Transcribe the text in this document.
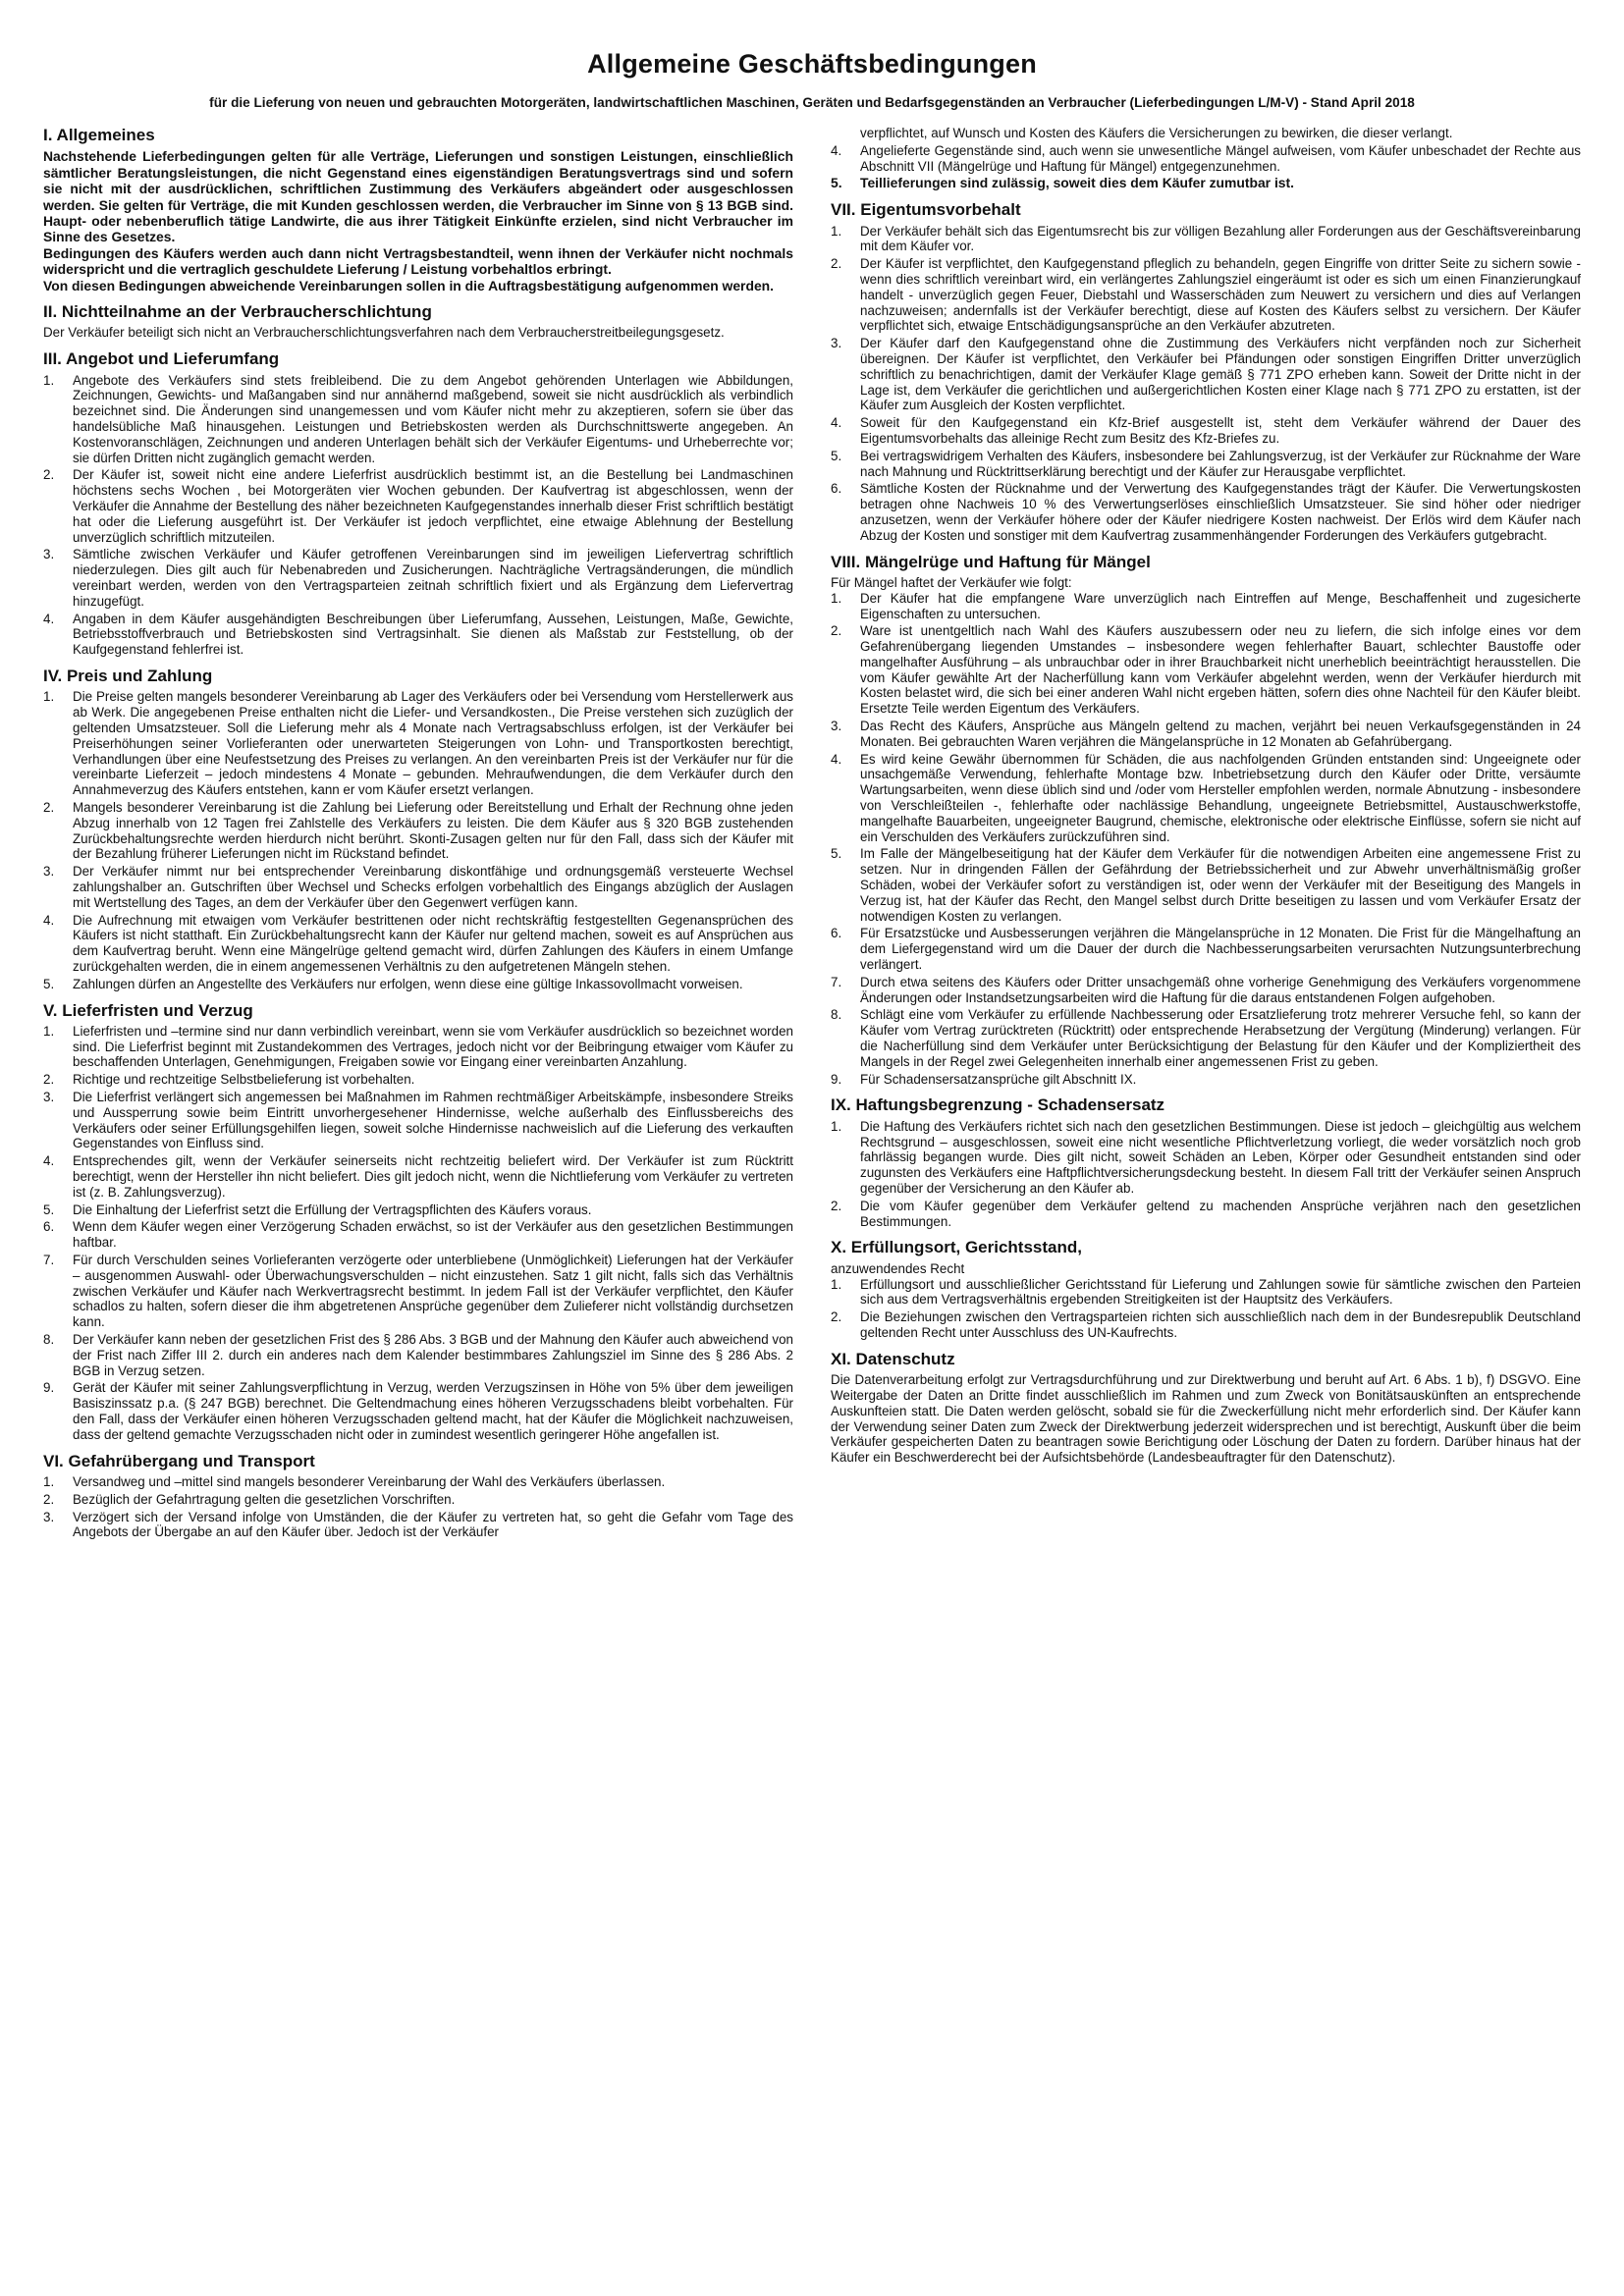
Allgemeine Geschäftsbedingungen

für die Lieferung von neuen und gebrauchten Motorgeräten, landwirtschaftlichen Maschinen, Geräten und Bedarfsgegenständen an Verbraucher (Lieferbedingungen L/M-V) - Stand April 2018

I. Allgemeines

Nachstehende Lieferbedingungen gelten für alle Verträge, Lieferungen und sonstigen Leistungen, einschließlich sämtlicher Beratungsleistungen, die nicht Gegenstand eines eigenständigen Beratungsvertrags sind und sofern sie nicht mit der ausdrücklichen, schriftlichen Zustimmung des Verkäufers abgeändert oder ausgeschlossen werden. Sie gelten für Verträge, die mit Kunden geschlossen werden, die Verbraucher im Sinne von § 13 BGB sind. Haupt- oder nebenberuflich tätige Landwirte, die aus ihrer Tätigkeit Einkünfte erzielen, sind nicht Verbraucher im Sinne des Gesetzes.

Bedingungen des Käufers werden auch dann nicht Vertragsbestandteil, wenn ihnen der Verkäufer nicht nochmals widerspricht und die vertraglich geschuldete Lieferung / Leistung vorbehaltlos erbringt.

Von diesen Bedingungen abweichende Vereinbarungen sollen in die Auftragsbestätigung aufgenommen werden.

II. Nichtteilnahme an der Verbraucherschlichtung

Der Verkäufer beteiligt sich nicht an Verbraucherschlichtungsverfahren nach dem Verbraucherstreitbeilegungsgesetz.

III. Angebot und Lieferumfang
1.	Angebote des Verkäufers sind stets freibleibend. Die zu dem Angebot gehörenden Unterlagen wie Abbildungen, Zeichnungen, Gewichts- und Maßangaben sind nur annähernd maßgebend, soweit sie nicht ausdrücklich als verbindlich bezeichnet sind. Die Änderungen sind unangemessen und vom Käufer nicht mehr zu akzeptieren, sofern sie über das handelsübliche Maß hinausgehen. Leistungen und Betriebskosten werden als Durchschnittswerte angegeben. An Kostenvoranschlägen, Zeichnungen und anderen Unterlagen behält sich der Verkäufer Eigentums- und Urheberrechte vor; sie dürfen Dritten nicht zugänglich gemacht werden.
2.	Der Käufer ist, soweit nicht eine andere Lieferfrist ausdrücklich bestimmt ist, an die Bestellung bei Landmaschinen höchstens sechs Wochen , bei Motorgeräten vier Wochen gebunden. Der Kaufvertrag ist abgeschlossen, wenn der Verkäufer die Annahme der Bestellung des näher bezeichneten Kaufgegenstandes innerhalb dieser Frist schriftlich bestätigt hat oder die Lieferung ausgeführt ist. Der Verkäufer ist jedoch verpflichtet, eine etwaige Ablehnung der Bestellung unverzüglich schriftlich mitzuteilen.
3.	Sämtliche zwischen Verkäufer und Käufer getroffenen Vereinbarungen sind im jeweiligen Liefervertrag schriftlich niederzulegen. Dies gilt auch für Nebenabreden und Zusicherungen. Nachträgliche Vertragsänderungen, die mündlich vereinbart werden, werden von den Vertragsparteien zeitnah schriftlich fixiert und als Ergänzung dem Liefervertrag hinzugefügt.
4.	Angaben in dem Käufer ausgehändigten Beschreibungen über Lieferumfang, Aussehen, Leistungen, Maße, Gewichte, Betriebsstoffverbrauch und Betriebskosten sind Vertragsinhalt. Sie dienen als Maßstab zur Feststellung, ob der Kaufgegenstand fehlerfrei ist.
IV. Preis und Zahlung
1.	Die Preise gelten mangels besonderer Vereinbarung ab Lager des Verkäufers oder bei Versendung vom Herstellerwerk aus ab Werk. Die angegebenen Preise enthalten nicht die Liefer- und Versandkosten., Die Preise verstehen sich zuzüglich der geltenden Umsatzsteuer. Soll die Lieferung mehr als 4 Monate nach Vertragsabschluss erfolgen, ist der Verkäufer bei Preiserhöhungen seiner Vorlieferanten oder unerwarteten Steigerungen von Lohn- und Transportkosten berechtigt, Verhandlungen über eine Neufestsetzung des Preises zu verlangen. An den vereinbarten Preis ist der Verkäufer nur für die vereinbarte Lieferzeit – jedoch mindestens 4 Monate – gebunden. Mehraufwendungen, die dem Verkäufer durch den Annahmeverzug des Käufers entstehen, kann er vom Käufer ersetzt verlangen.
2.	Mangels besonderer Vereinbarung ist die Zahlung bei Lieferung oder Bereitstellung und Erhalt der Rechnung ohne jeden Abzug innerhalb von 12 Tagen frei Zahlstelle des Verkäufers zu leisten. Die dem Käufer aus § 320 BGB zustehenden Zurückbehaltungsrechte werden hierdurch nicht berührt. Skonti-Zusagen gelten nur für den Fall, dass sich der Käufer mit der Bezahlung früherer Lieferungen nicht im Rückstand befindet.
3.	Der Verkäufer nimmt nur bei entsprechender Vereinbarung diskontfähige und ordnungsgemäß versteuerte Wechsel zahlungshalber an. Gutschriften über Wechsel und Schecks erfolgen vorbehaltlich des Eingangs abzüglich der Auslagen mit Wertstellung des Tages, an dem der Verkäufer über den Gegenwert verfügen kann.
4.	Die Aufrechnung mit etwaigen vom Verkäufer bestrittenen oder nicht rechtskräftig festgestellten Gegenansprüchen des Käufers ist nicht statthaft. Ein Zurückbehaltungsrecht kann der Käufer nur geltend machen, soweit es auf Ansprüchen aus dem Kaufvertrag beruht. Wenn eine Mängelrüge geltend gemacht wird, dürfen Zahlungen des Käufers in einem Umfange zurückgehalten werden, die in einem angemessenen Verhältnis zu den aufgetretenen Mängeln stehen.
5.	Zahlungen dürfen an Angestellte des Verkäufers nur erfolgen, wenn diese eine gültige Inkassovollmacht vorweisen.
V. Lieferfristen und Verzug
1.	Lieferfristen und –termine sind nur dann verbindlich vereinbart, wenn sie vom Verkäufer ausdrücklich so bezeichnet worden sind. Die Lieferfrist beginnt mit Zustandekommen des Vertrages, jedoch nicht vor der Beibringung etwaiger vom Käufer zu beschaffenden Unterlagen, Genehmigungen, Freigaben sowie vor Eingang einer vereinbarten Anzahlung.
2.	Richtige und rechtzeitige Selbstbelieferung ist vorbehalten.
3.	Die Lieferfrist verlängert sich angemessen bei Maßnahmen im Rahmen rechtmäßiger Arbeitskämpfe, insbesondere Streiks und Aussperrung sowie beim Eintritt unvorhergesehener Hindernisse, welche außerhalb des Einflussbereichs des Verkäufers oder seiner Erfüllungsgehilfen liegen, soweit solche Hindernisse nachweislich auf die Lieferung des verkauften Gegenstandes von Einfluss sind.
4.	Entsprechendes gilt, wenn der Verkäufer seinerseits nicht rechtzeitig beliefert wird. Der Verkäufer ist zum Rücktritt berechtigt, wenn der Hersteller ihn nicht beliefert. Dies gilt jedoch nicht, wenn die Nichtlieferung vom Verkäufer zu vertreten ist (z. B. Zahlungsverzug).
5.	Die Einhaltung der Lieferfrist setzt die Erfüllung der Vertragspflichten des Käufers voraus.
6.	Wenn dem Käufer wegen einer Verzögerung Schaden erwächst, so ist der Verkäufer aus den gesetzlichen Bestimmungen haftbar.
7.	Für durch Verschulden seines Vorlieferanten verzögerte oder unterbliebene (Unmöglichkeit) Lieferungen hat der Verkäufer – ausgenommen Auswahl- oder Überwachungsverschulden – nicht einzustehen. Satz 1 gilt nicht, falls sich das Verhältnis zwischen Verkäufer und Käufer nach Werkvertragsrecht bestimmt. In jedem Fall ist der Verkäufer verpflichtet, den Käufer schadlos zu halten, sofern dieser die ihm abgetretenen Ansprüche gegenüber dem Zulieferer nicht vollständig durchsetzen kann.
8.	Der Verkäufer kann neben der gesetzlichen Frist des § 286 Abs. 3 BGB und der Mahnung den Käufer auch abweichend von der Frist nach Ziffer III 2. durch ein anderes nach dem Kalender bestimmbares Zahlungsziel im Sinne des § 286 Abs. 2 BGB in Verzug setzen.
9.	Gerät der Käufer mit seiner Zahlungsverpflichtung in Verzug, werden Verzugszinsen in Höhe von 5% über dem jeweiligen Basiszinssatz p.a. (§ 247 BGB) berechnet. Die Geltendmachung eines höheren Verzugsschadens bleibt vorbehalten. Für den Fall, dass der Verkäufer einen höheren Verzugsschaden geltend macht, hat der Käufer die Möglichkeit nachzuweisen, dass der geltend gemachte Verzugsschaden nicht oder in zumindest wesentlich geringerer Höhe angefallen ist.
VI. Gefahrübergang und Transport
1.	Versandweg und –mittel sind mangels besonderer Vereinbarung der Wahl des Verkäufers überlassen.
2.	Bezüglich der Gefahrtragung gelten die gesetzlichen Vorschriften.
3.	Verzögert sich der Versand infolge von Umständen, die der Käufer zu vertreten hat, so geht die Gefahr vom Tage des Angebots der Übergabe an auf den Käufer über. Jedoch ist der Verkäufer
verpflichtet, auf Wunsch und Kosten des Käufers die Versicherungen zu bewirken, die dieser verlangt.
4.	Angelieferte Gegenstände sind, auch wenn sie unwesentliche Mängel aufweisen, vom Käufer unbeschadet der Rechte aus Abschnitt VII (Mängelrüge und Haftung für Mängel) entgegenzunehmen.
5.	Teillieferungen sind zulässig, soweit dies dem Käufer zumutbar ist.
VII. Eigentumsvorbehalt
1.	Der Verkäufer behält sich das Eigentumsrecht bis zur völligen Bezahlung aller Forderungen aus der Geschäftsvereinbarung mit dem Käufer vor.
2.	Der Käufer ist verpflichtet, den Kaufgegenstand pfleglich zu behandeln, gegen Eingriffe von dritter Seite zu sichern sowie - wenn dies schriftlich vereinbart wird, ein verlängertes Zahlungsziel eingeräumt ist oder es sich um einen Finanzierungkauf handelt - unverzüglich gegen Feuer, Diebstahl und Wasserschäden zum Neuwert zu versichern und dies auf Verlangen nachzuweisen; andernfalls ist der Verkäufer berechtigt, diese auf Kosten des Käufers selbst zu versichern. Der Käufer verpflichtet sich, etwaige Entschädigungsansprüche an den Verkäufer abzutreten.
3.	Der Käufer darf den Kaufgegenstand ohne die Zustimmung des Verkäufers nicht verpfänden noch zur Sicherheit übereignen. Der Käufer ist verpflichtet, den Verkäufer bei Pfändungen oder sonstigen Eingriffen Dritter unverzüglich schriftlich zu benachrichtigen, damit der Verkäufer Klage gemäß § 771 ZPO erheben kann. Soweit der Dritte nicht in der Lage ist, dem Verkäufer die gerichtlichen und außergerichtlichen Kosten einer Klage nach § 771 ZPO zu erstatten, ist der Käufer zum Ausgleich der Kosten verpflichtet.
4.	Soweit für den Kaufgegenstand ein Kfz-Brief ausgestellt ist, steht dem Verkäufer während der Dauer des Eigentumsvorbehalts das alleinige Recht zum Besitz des Kfz-Briefes zu.
5.	Bei vertragswidrigem Verhalten des Käufers, insbesondere bei Zahlungsverzug, ist der Verkäufer zur Rücknahme der Ware nach Mahnung und Rücktrittserklärung berechtigt und der Käufer zur Herausgabe verpflichtet.
6.	Sämtliche Kosten der Rücknahme und der Verwertung des Kaufgegenstandes trägt der Käufer. Die Verwertungskosten betragen ohne Nachweis 10 % des Verwertungserlöses einschließlich Umsatzsteuer. Sie sind höher oder niedriger anzusetzen, wenn der Verkäufer höhere oder der Käufer niedrigere Kosten nachweist. Der Erlös wird dem Käufer nach Abzug der Kosten und sonstiger mit dem Kaufvertrag zusammenhängender Forderungen des Verkäufers gutgebracht.
VIII. Mängelrüge und Haftung für Mängel

Für Mängel haftet der Verkäufer wie folgt:

1.	Der Käufer hat die empfangene Ware unverzüglich nach Eintreffen auf Menge, Beschaffenheit und zugesicherte Eigenschaften zu untersuchen.
2.	Ware ist unentgeltlich nach Wahl des Käufers auszubessern oder neu zu liefern, die sich infolge eines vor dem Gefahrenübergang liegenden Umstandes – insbesondere wegen fehlerhafter Bauart, schlechter Baustoffe oder mangelhafter Ausführung – als unbrauchbar oder in ihrer Brauchbarkeit nicht unerheblich beeinträchtigt herausstellen. Die vom Käufer gewählte Art der Nacherfüllung kann vom Verkäufer abgelehnt werden, wenn der Verkäufer hierdurch mit Kosten belastet wird, die sich bei einer anderen Wahl nicht ergeben hätten, sofern dies ohne Nachteil für den Käufer bleibt. Ersetzte Teile werden Eigentum des Verkäufers.
3.	Das Recht des Käufers, Ansprüche aus Mängeln geltend zu machen, verjährt bei neuen Verkaufsgegenständen in 24 Monaten. Bei gebrauchten Waren verjähren die Mängelansprüche in 12 Monaten ab Gefahrübergang.
4.	Es wird keine Gewähr übernommen für Schäden, die aus nachfolgenden Gründen entstanden sind: Ungeeignete oder unsachgemäße Verwendung, fehlerhafte Montage bzw. Inbetriebsetzung durch den Käufer oder Dritte, versäumte Wartungsarbeiten, wenn diese üblich sind und /oder vom Hersteller empfohlen werden, normale Abnutzung - insbesondere von Verschleißteilen -, fehlerhafte oder nachlässige Behandlung, ungeeignete Betriebsmittel, Austauschwerkstoffe, mangelhafte Bauarbeiten, ungeeigneter Baugrund, chemische, elektronische oder elektrische Einflüsse, sofern sie nicht auf ein Verschulden des Verkäufers zurückzuführen sind.
5.	Im Falle der Mängelbeseitigung hat der Käufer dem Verkäufer für die notwendigen Arbeiten eine angemessene Frist zu setzen. Nur in dringenden Fällen der Gefährdung der Betriebssicherheit und zur Abwehr unverhältnismäßig großer Schäden, wobei der Verkäufer sofort zu verständigen ist, oder wenn der Verkäufer mit der Beseitigung des Mangels in Verzug ist, hat der Käufer das Recht, den Mangel selbst durch Dritte beseitigen zu lassen und vom Verkäufer Ersatz der notwendigen Kosten zu verlangen.
6.	Für Ersatzstücke und Ausbesserungen verjähren die Mängelansprüche in 12 Monaten. Die Frist für die Mängelhaftung an dem Liefergegenstand wird um die Dauer der durch die Nachbesserungsarbeiten verursachten Nutzungsunterbrechung verlängert.
7.	Durch etwa seitens des Käufers oder Dritter unsachgemäß ohne vorherige Genehmigung des Verkäufers vorgenommene Änderungen oder Instandsetzungsarbeiten wird die Haftung für die daraus entstandenen Folgen aufgehoben.
8.	Schlägt eine vom Verkäufer zu erfüllende Nachbesserung oder Ersatzlieferung trotz mehrerer Versuche fehl, so kann der Käufer vom Vertrag zurücktreten (Rücktritt) oder entsprechende Herabsetzung der Vergütung (Minderung) verlangen. Für die Nacherfüllung sind dem Verkäufer unter Berücksichtigung der Belastung für den Käufer und der Kompliziertheit des Mangels in der Regel zwei Gelegenheiten innerhalb einer angemessenen Frist zu geben.
9.	Für Schadensersatzansprüche gilt Abschnitt IX.
IX. Haftungsbegrenzung - Schadensersatz
1.	Die Haftung des Verkäufers richtet sich nach den gesetzlichen Bestimmungen. Diese ist jedoch – gleichgültig aus welchem Rechtsgrund – ausgeschlossen, soweit eine nicht wesentliche Pflichtverletzung vorliegt, die weder vorsätzlich noch grob fahrlässig begangen wurde. Dies gilt nicht, soweit Schäden an Leben, Körper oder Gesundheit entstanden sind oder zugunsten des Verkäufers eine Haftpflichtversicherungsdeckung besteht. In diesem Fall tritt der Verkäufer seinen Anspruch gegenüber der Versicherung an den Käufer ab.
2.	Die vom Käufer gegenüber dem Verkäufer geltend zu machenden Ansprüche verjähren nach den gesetzlichen Bestimmungen.
X. Erfüllungsort, Gerichtsstand,

anzuwendendes Recht

1.	Erfüllungsort und ausschließlicher Gerichtsstand für Lieferung und Zahlungen sowie für sämtliche zwischen den Parteien sich aus dem Vertragsverhältnis ergebenden Streitigkeiten ist der Hauptsitz des Verkäufers.
2.	Die Beziehungen zwischen den Vertragsparteien richten sich ausschließlich nach dem in der Bundesrepublik Deutschland geltenden Recht unter Ausschluss des UN-Kaufrechts.
XI. Datenschutz

Die Datenverarbeitung erfolgt zur Vertragsdurchführung und zur Direktwerbung und beruht auf Art. 6 Abs. 1 b), f) DSGVO. Eine Weitergabe der Daten an Dritte findet ausschließlich im Rahmen und zum Zweck von Bonitätsauskünften an entsprechende Auskunfteien statt. Die Daten werden gelöscht, sobald sie für die Zweckerfüllung nicht mehr erforderlich sind. Der Käufer kann der Verwendung seiner Daten zum Zweck der Direktwerbung jederzeit widersprechen und ist berechtigt, Auskunft über die beim Verkäufer gespeicherten Daten zu beantragen sowie Berichtigung oder Löschung der Daten zu fordern. Darüber hinaus hat der Käufer ein Beschwerderecht bei der Aufsichtsbehörde (Landesbeauftragter für den Datenschutz).
